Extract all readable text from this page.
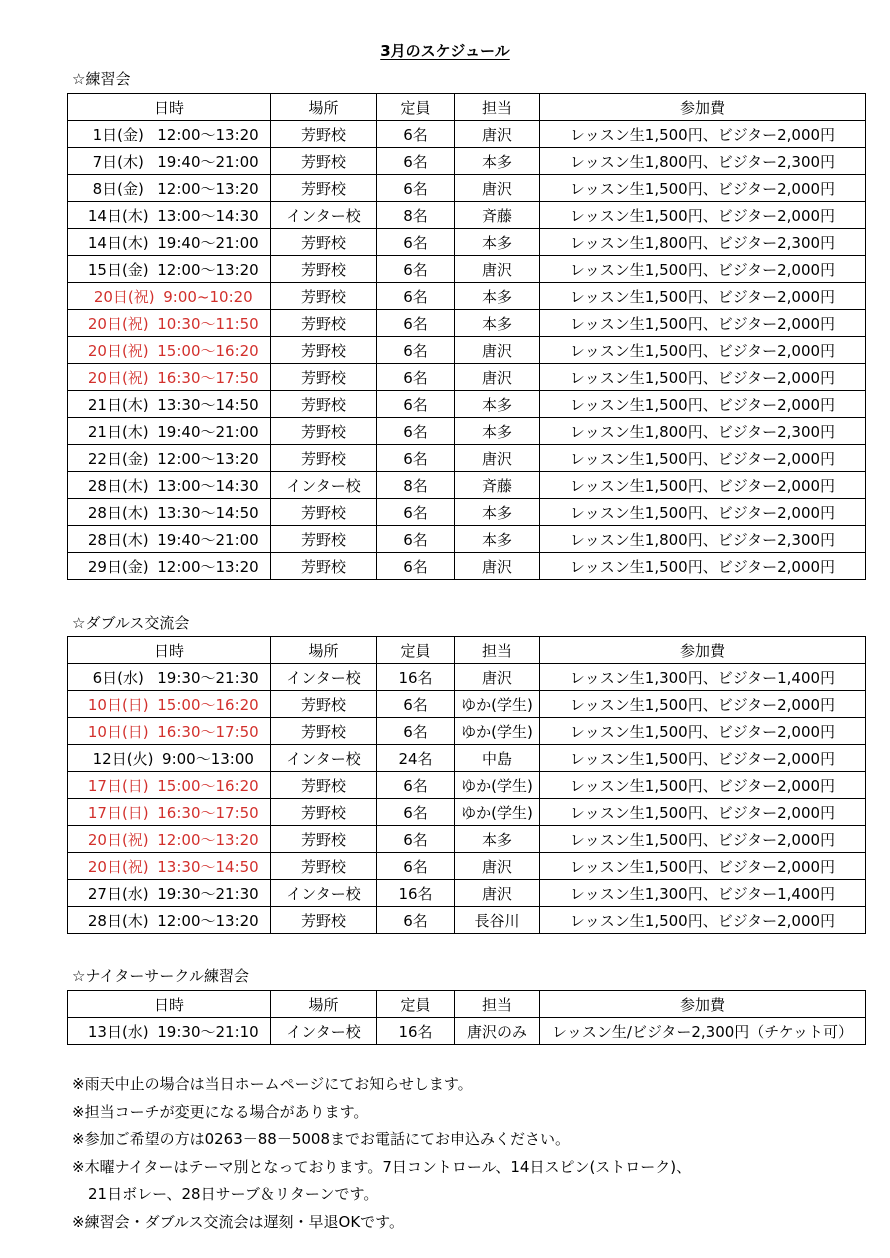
3月のスケジュール
☆練習会
日時	場所	定員	担当	参加費
1日(金) 12:00～13:20	芳野校	6名	唐沢	レッスン生1,500円、ビジター2,000円
7日(木) 19:40～21:00	芳野校	6名	本多	レッスン生1,800円、ビジター2,300円
8日(金) 12:00～13:20	芳野校	6名	唐沢	レッスン生1,500円、ビジター2,000円
14日(木) 13:00～14:30	インター校	8名	斉藤	レッスン生1,500円、ビジター2,000円
14日(木) 19:40～21:00	芳野校	6名	本多	レッスン生1,800円、ビジター2,300円
15日(金) 12:00～13:20	芳野校	6名	唐沢	レッスン生1,500円、ビジター2,000円
20日(祝) 9:00~10:20	芳野校	6名	本多	レッスン生1,500円、ビジター2,000円
20日(祝) 10:30～11:50	芳野校	6名	本多	レッスン生1,500円、ビジター2,000円
20日(祝) 15:00～16:20	芳野校	6名	唐沢	レッスン生1,500円、ビジター2,000円
20日(祝) 16:30～17:50	芳野校	6名	唐沢	レッスン生1,500円、ビジター2,000円
21日(木) 13:30～14:50	芳野校	6名	本多	レッスン生1,500円、ビジター2,000円
21日(木) 19:40～21:00	芳野校	6名	本多	レッスン生1,800円、ビジター2,300円
22日(金) 12:00～13:20	芳野校	6名	唐沢	レッスン生1,500円、ビジター2,000円
28日(木) 13:00～14:30	インター校	8名	斉藤	レッスン生1,500円、ビジター2,000円
28日(木) 13:30～14:50	芳野校	6名	本多	レッスン生1,500円、ビジター2,000円
28日(木) 19:40～21:00	芳野校	6名	本多	レッスン生1,800円、ビジター2,300円
29日(金) 12:00～13:20	芳野校	6名	唐沢	レッスン生1,500円、ビジター2,000円
☆ダブルス交流会
日時	場所	定員	担当	参加費
6日(水) 19:30～21:30	インター校	16名	唐沢	レッスン生1,300円、ビジター1,400円
10日(日) 15:00～16:20	芳野校	6名	ゆか(学生)	レッスン生1,500円、ビジター2,000円
10日(日) 16:30～17:50	芳野校	6名	ゆか(学生)	レッスン生1,500円、ビジター2,000円
12日(火) 9:00～13:00	インター校	24名	中島	レッスン生1,500円、ビジター2,000円
17日(日) 15:00～16:20	芳野校	6名	ゆか(学生)	レッスン生1,500円、ビジター2,000円
17日(日) 16:30～17:50	芳野校	6名	ゆか(学生)	レッスン生1,500円、ビジター2,000円
20日(祝) 12:00～13:20	芳野校	6名	本多	レッスン生1,500円、ビジター2,000円
20日(祝) 13:30～14:50	芳野校	6名	唐沢	レッスン生1,500円、ビジター2,000円
27日(水) 19:30～21:30	インター校	16名	唐沢	レッスン生1,300円、ビジター1,400円
28日(木) 12:00～13:20	芳野校	6名	長谷川	レッスン生1,500円、ビジター2,000円
☆ナイターサークル練習会
日時	場所	定員	担当	参加費
13日(水) 19:30～21:10	インター校	16名	唐沢のみ	レッスン生/ビジター2,300円（チケット可）
※雨天中止の場合は当日ホームページにてお知らせします。
※担当コーチが変更になる場合があります。
※参加ご希望の方は0263－88－5008までお電話にてお申込みください。
※木曜ナイターはテーマ別となっております。7日コントロール、14日スピン(ストローク)、
21日ボレー、28日サーブ＆リターンです。
※練習会・ダブルス交流会は遅刻・早退OKです。
